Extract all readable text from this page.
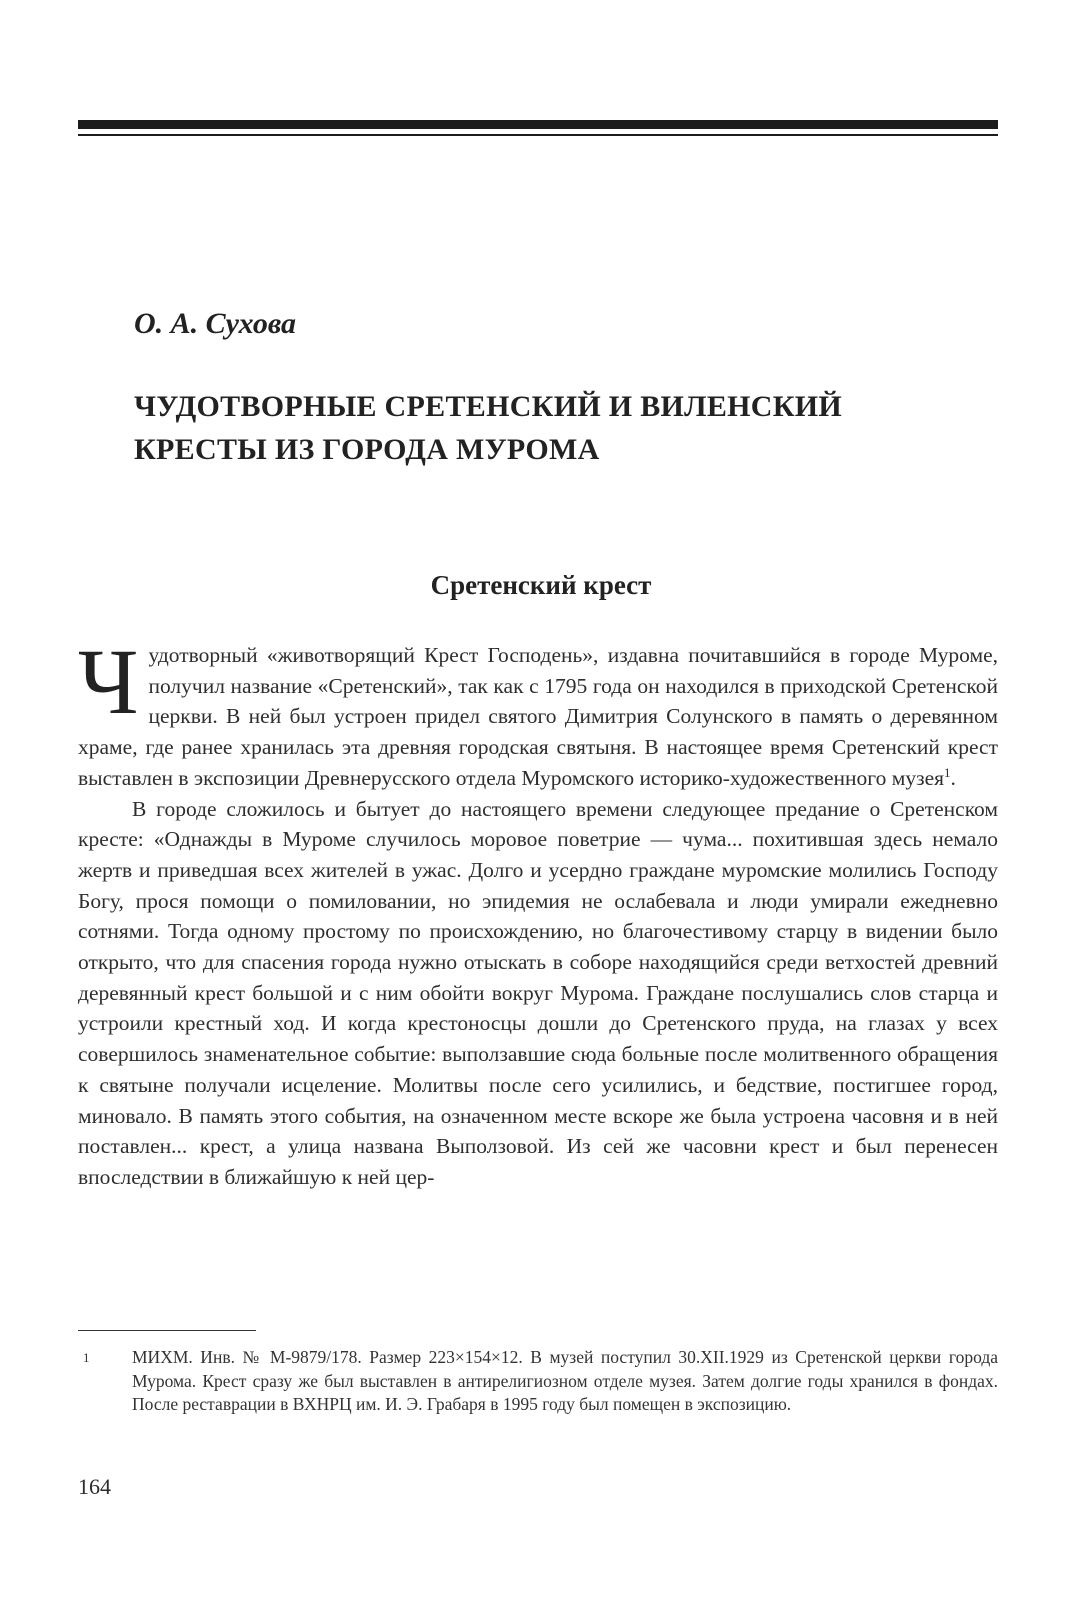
О. А. Сухова
ЧУДОТВОРНЫЕ СРЕТЕНСКИЙ И ВИЛЕНСКИЙ
КРЕСТЫ ИЗ ГОРОДА МУРОМА
Сретенский крест

Чудотворный «животворящий Крест Господень», издавна почитавшийся в городе Муроме, получил название «Сретенский», так как с 1795 года он находился в приходской Сретенской церкви. В ней был устроен придел святого Димитрия Солунского в память о деревянном храме, где ранее хранилась эта древняя городская святыня. В настоящее время Сретенский крест выставлен в экспозиции Древнерусского отдела Муромского историко-художественного музея$^1$.

В городе сложилось и бытует до настоящего времени следующее предание о Сретенском кресте: «Однажды в Муроме случилось моровое поветрие — чума... похитившая здесь немало жертв и приведшая всех жителей в ужас. Долго и усердно граждане муромские молились Господу Богу, прося помощи о помиловании, но эпидемия не ослабевала и люди умирали ежедневно сотнями. Тогда одному простому по происхождению, но благочестивому старцу в видении было открыто, что для спасения города нужно отыскать в соборе находящийся среди ветхостей древний деревянный крест большой и с ним обойти вокруг Мурома. Граждане послушались слов старца и устроили крестный ход. И когда крестоносцы дошли до Сретенского пруда, на глазах у всех совершилось знаменательное событие: выползавшие сюда больные после молитвенного обращения к святыне получали исцеление. Молитвы после сего усилились, и бедствие, постигшее город, миновало. В память этого события, на означенном месте вскоре же была устроена часовня и в ней поставлен... крест, а улица названа Выползовой. Из сей же часовни крест и был перенесен впоследствии в ближайшую к ней цер-

1	МИХМ. Инв. № М-9879/178. Размер 223×154×12. В музей поступил 30.XII.1929 из Сретенской церкви города Мурома. Крест сразу же был выставлен в антирелигиозном отделе музея. Затем долгие годы хранился в фондах. После реставрации в ВХНРЦ им. И. Э. Грабаря в 1995 году был помещен в экспозицию.
164
